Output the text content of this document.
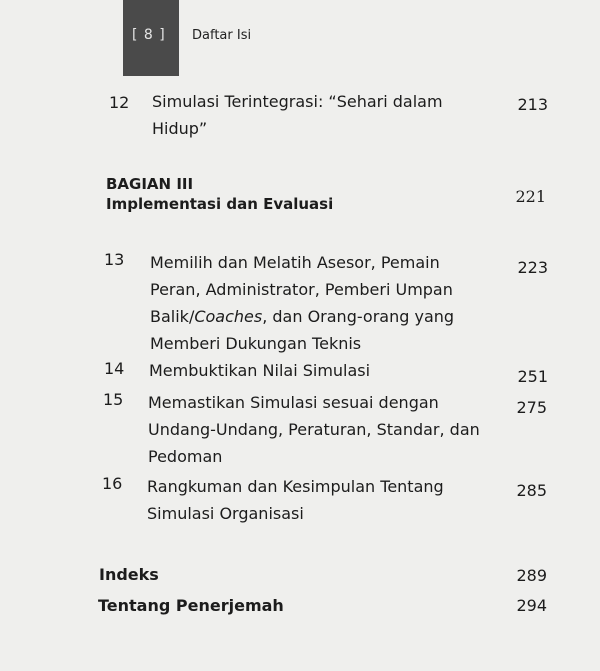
[ 8 ] Daftar Isi
12 Simulasi Terintegrasi: “Sehari dalam
Hidup”
213
BAGIAN III
Implementasi dan Evaluasi	221
13 Memilih dan Melatih Asesor, Pemain
Peran, Administrator, Pemberi Umpan
Balik/Coaches, dan Orang-orang yang
Memberi Dukungan Teknis
223
14 Membuktikan Nilai Simulasi	251
15 Memastikan Simulasi sesuai dengan
Undang-Undang, Peraturan, Standar, dan
Pedoman
275
16 Rangkuman dan Kesimpulan Tentang
Simulasi Organisasi
285
Indeks	289
Tentang Penerjemah	294
